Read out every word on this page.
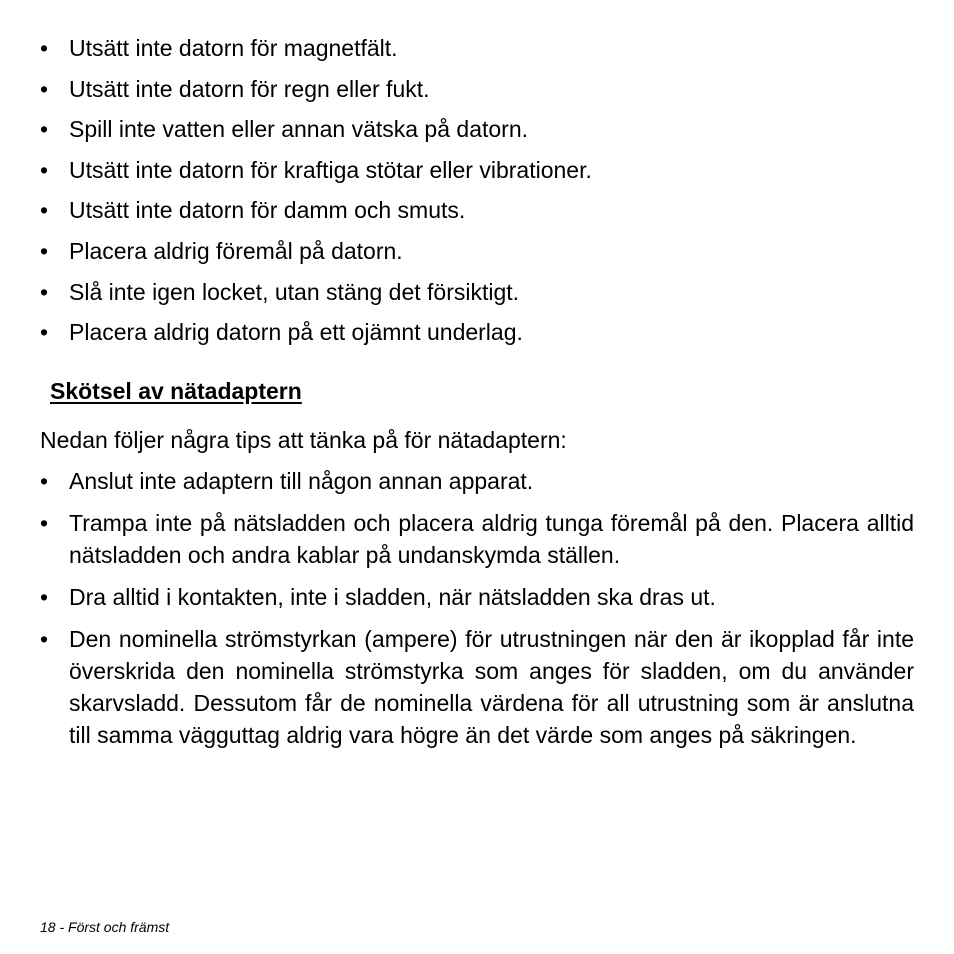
• Utsätt inte datorn för magnetfält.
• Utsätt inte datorn för regn eller fukt.
• Spill inte vatten eller annan vätska på datorn.
• Utsätt inte datorn för kraftiga stötar eller vibrationer.
• Utsätt inte datorn för damm och smuts.
• Placera aldrig föremål på datorn.
• Slå inte igen locket, utan stäng det försiktigt.
• Placera aldrig datorn på ett ojämnt underlag.
Skötsel av nätadaptern

Nedan följer några tips att tänka på för nätadaptern:

• Anslut inte adaptern till någon annan apparat.
• Trampa inte på nätsladden och placera aldrig tunga föremål på den. Placera alltid nätsladden och andra kablar på undanskymda ställen.
• Dra alltid i kontakten, inte i sladden, när nätsladden ska dras ut.
• Den nominella strömstyrkan (ampere) för utrustningen när den är ikopplad får inte överskrida den nominella strömstyrka som anges för sladden, om du använder skarvsladd. Dessutom får de nominella värdena för all utrustning som är anslutna till samma vägguttag aldrig vara högre än det värde som anges på säkringen.
18 - Först och främst
